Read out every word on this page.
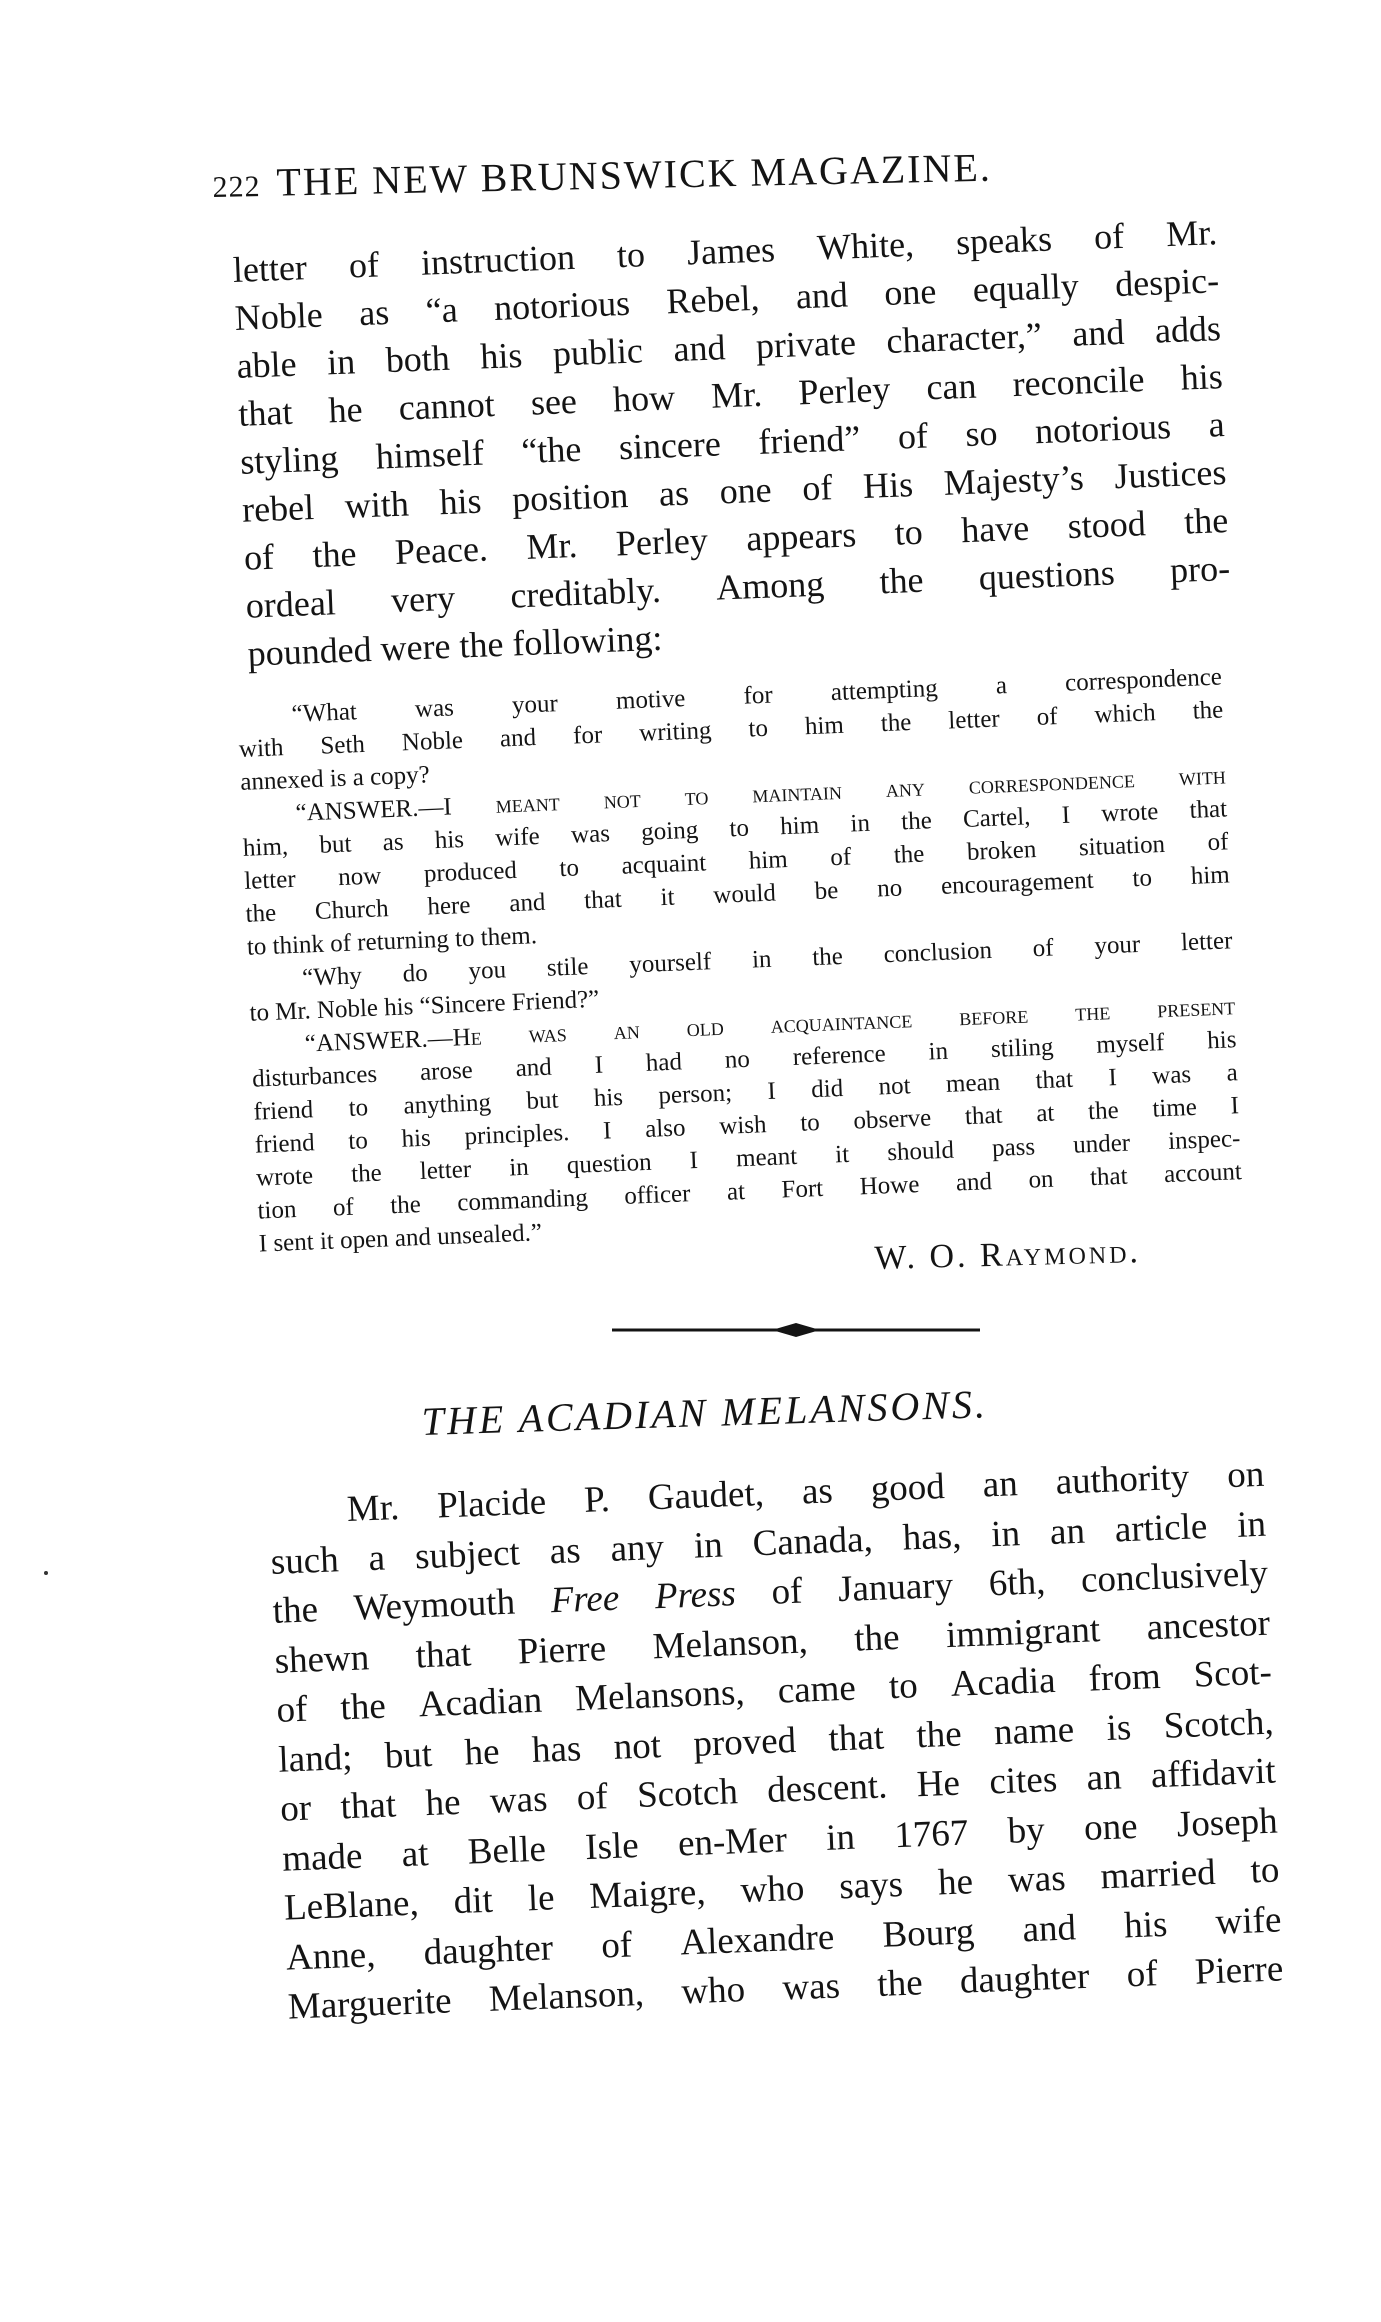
222 THE NEW BRUNSWICK MAGAZINE.
letter of instruction to James White, speaks of Mr.
Noble as “a notorious Rebel, and one equally despic-
able in both his public and private character,” and adds
that he cannot see how Mr. Perley can reconcile his
styling himself “the sincere friend” of so notorious a
rebel with his position as one of His Majesty’s Justices
of the Peace. Mr. Perley appears to have stood the
ordeal very creditably. Among the questions pro-
pounded were the following:
“What was your motive for attempting a correspondence
with Seth Noble and for writing to him the letter of which the
annexed is a copy?
“ANSWER.—I meant not to maintain any correspondence with
him, but as his wife was going to him in the Cartel, I wrote that
letter now produced to acquaint him of the broken situation of
the Church here and that it would be no encouragement to him
to think of returning to them.
“Why do you stile yourself in the conclusion of your letter
to Mr. Noble his “Sincere Friend?”
“ANSWER.—He was an old acquaintance before the present
disturbances arose and I had no reference in stiling myself his
friend to anything but his person; I did not mean that I was a
friend to his principles. I also wish to observe that at the time I
wrote the letter in question I meant it should pass under inspec-
tion of the commanding officer at Fort Howe and on that account
I sent it open and unsealed.”	W. O. Raymond.
THE ACADIAN MELANSONS.
Mr. Placide P. Gaudet, as good an authority on
such a subject as any in Canada, has, in an article in
the Weymouth Free Press of January 6th, conclusively
shewn that Pierre Melanson, the immigrant ancestor
of the Acadian Melansons, came to Acadia from Scot-
land; but he has not proved that the name is Scotch,
or that he was of Scotch descent. He cites an affidavit
made at Belle Isle en-Mer in 1767 by one Joseph
LeBlane, dit le Maigre, who says he was married to
Anne, daughter of Alexandre Bourg and his wife
Marguerite Melanson, who was the daughter of Pierre
